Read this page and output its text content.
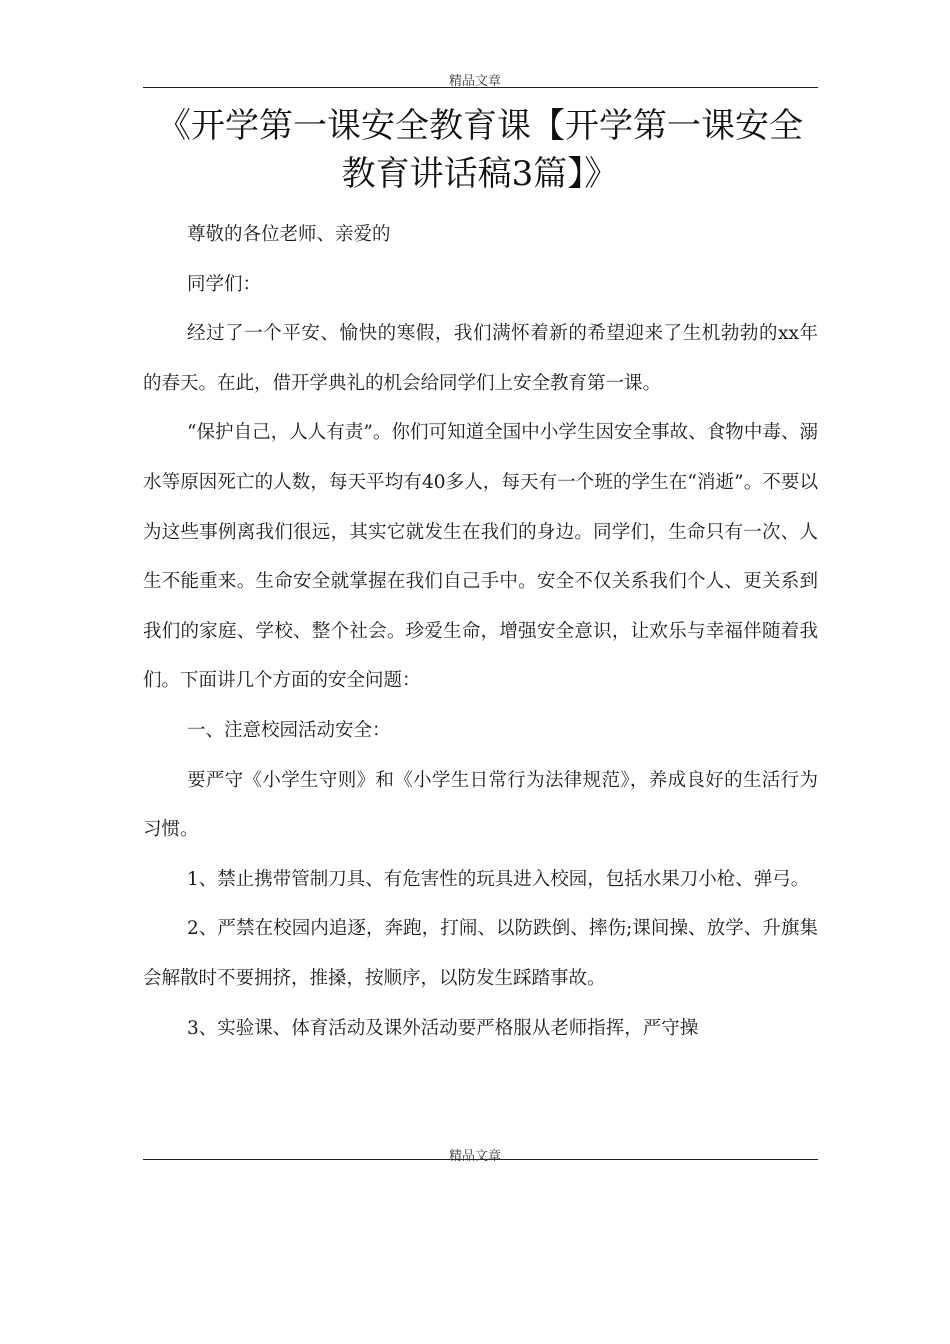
精品文章
《开学第一课安全教育课【开学第一课安全
教育讲话稿3篇】》

尊敬的各位老师、亲爱的

同学们：

经过了一个平安、愉快的寒假，我们满怀着新的希望迎来了生机勃勃的xx年的春天。在此，借开学典礼的机会给同学们上安全教育第一课。

“保护自己，人人有责”。你们可知道全国中小学生因安全事故、食物中毒、溺水等原因死亡的人数，每天平均有40多人，每天有一个班的学生在“消逝”。不要以为这些事例离我们很远，其实它就发生在我们的身边。同学们，生命只有一次、人生不能重来。生命安全就掌握在我们自己手中。安全不仅关系我们个人、更关系到我们的家庭、学校、整个社会。珍爱生命，增强安全意识，让欢乐与幸福伴随着我们。下面讲几个方面的安全问题：

一、注意校园活动安全：

要严守《小学生守则》和《小学生日常行为法律规范》，养成良好的生活行为习惯。

1、禁止携带管制刀具、有危害性的玩具进入校园，包括水果刀小枪、弹弓。

2、严禁在校园内追逐，奔跑，打闹、以防跌倒、摔伤;课间操、放学、升旗集会解散时不要拥挤，推搡，按顺序，以防发生踩踏事故。

3、实验课、体育活动及课外活动要严格服从老师指挥，严守操

精品文章
